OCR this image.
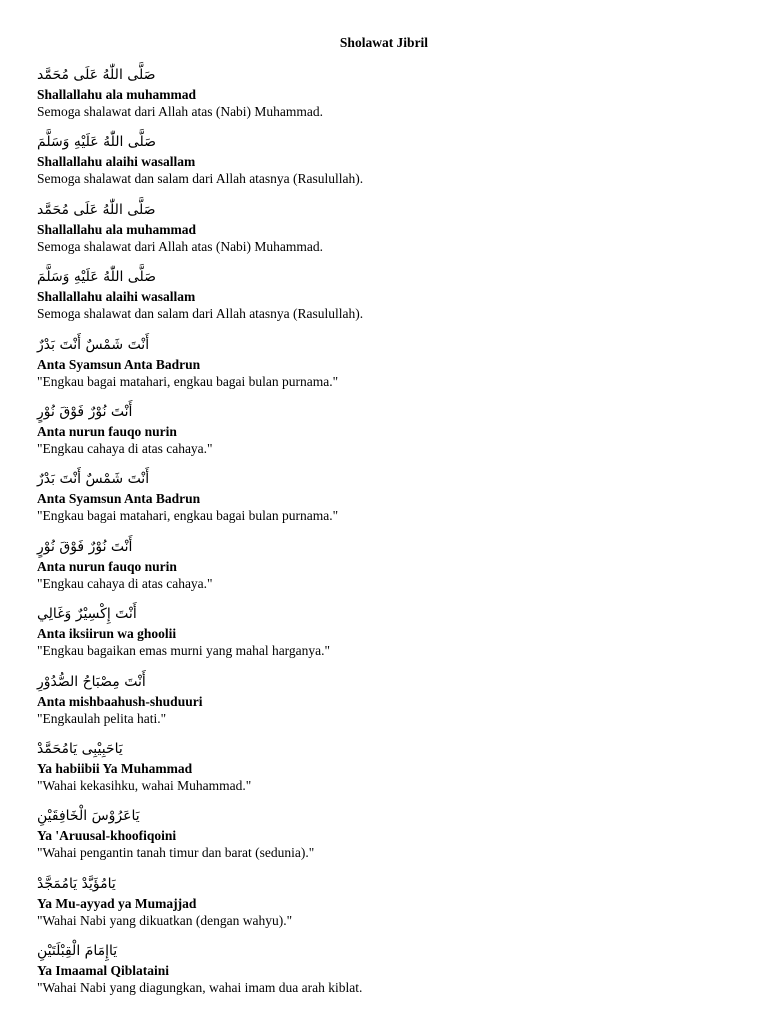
Sholawat Jibril
صَلَّى اللّٰهُ عَلَى مُحَمَّد
Shallallahu ala muhammad
Semoga shalawat dari Allah atas (Nabi) Muhammad.
صَلَّى اللّٰهُ عَلَيْهِ وَسَلَّمَ
Shallallahu alaihi wasallam
Semoga shalawat dan salam dari Allah atasnya (Rasulullah).
صَلَّى اللّٰهُ عَلَى مُحَمَّد
Shallallahu ala muhammad
Semoga shalawat dari Allah atas (Nabi) Muhammad.
صَلَّى اللّٰهُ عَلَيْهِ وَسَلَّمَ
Shallallahu alaihi wasallam
Semoga shalawat dan salam dari Allah atasnya (Rasulullah).
أَنْتَ شَمْسٌ أَنْتَ بَدْرٌ
Anta Syamsun Anta Badrun
"Engkau bagai matahari, engkau bagai bulan purnama."
أَنْتَ نُوْرٌ فَوْقَ نُوْرٍ
Anta nurun fauqo nurin
"Engkau cahaya di atas cahaya."
أَنْتَ شَمْسٌ أَنْتَ بَدْرٌ
Anta Syamsun Anta Badrun
"Engkau bagai matahari, engkau bagai bulan purnama."
أَنْتَ نُوْرٌ فَوْقَ نُوْرٍ
Anta nurun fauqo nurin
"Engkau cahaya di atas cahaya."
أَنْتَ إِكْسِيْرٌ وَغَالِي
Anta iksiirun wa ghoolii
"Engkau bagaikan emas murni yang mahal harganya."
أَنْتَ مِصْبَاحُ الصُّدُوْرِ
Anta mishbaahush-shuduuri
"Engkaulah pelita hati."
يَاحَبِيْبِى يَامُحَمَّدْ
Ya habiibii Ya Muhammad
"Wahai kekasihku, wahai Muhammad."
يَاعَرُوْسَ الْخَافِقَيْنِ
Ya 'Aruusal-khoofiqoini
"Wahai pengantin tanah timur dan barat (sedunia)."
يَامُؤَيَّدْ يَامُمَجَّدْ
Ya Mu-ayyad ya Mumajjad
"Wahai Nabi yang dikuatkan (dengan wahyu)."
يَاإِمَامَ الْقِبْلَتَيْنِ
Ya Imaamal Qiblataini
"Wahai Nabi yang diagungkan, wahai imam dua arah kiblat.
